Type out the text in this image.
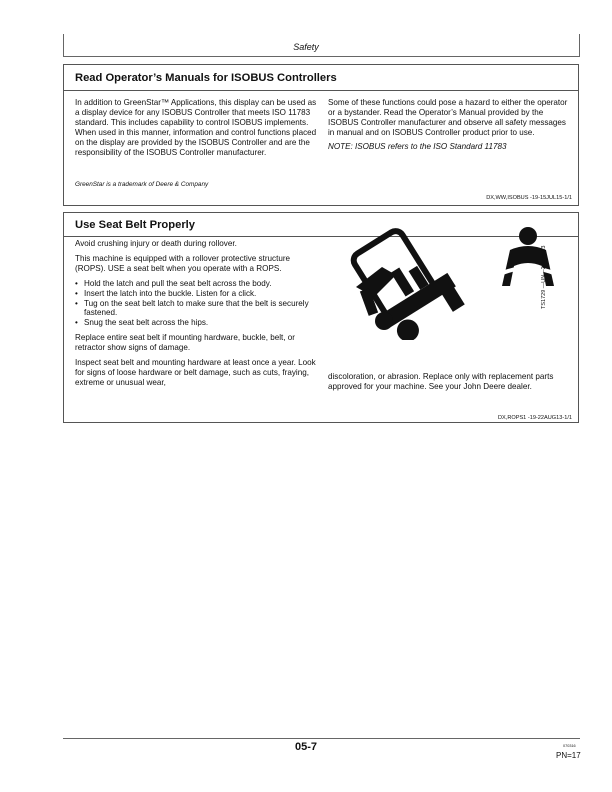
Safety
Read Operator’s Manuals for ISOBUS Controllers

In addition to GreenStar™ Applications, this display can be used as a display device for any ISOBUS Controller that meets ISO 11783 standard. This includes capability to control ISOBUS implements. When used in this manner, information and control functions placed on the display are provided by the ISOBUS Controller and are the responsibility of the ISOBUS Controller manufacturer.

Some of these functions could pose a hazard to either the operator or a bystander. Read the Operator’s Manual provided by the ISOBUS Controller manufacturer and observe all safety messages in manual and on ISOBUS Controller product prior to use.

NOTE: ISOBUS refers to the ISO Standard 11783

GreenStar is a trademark of Deere & Company
DX,WW,ISOBUS -19-15JUL15-1/1
Use Seat Belt Properly

Avoid crushing injury or death during rollover.

This machine is equipped with a rollover protective structure (ROPS). USE a seat belt when you operate with a ROPS.

• Hold the latch and pull the seat belt across the body.
• Insert the latch into the buckle. Listen for a click.
• Tug on the seat belt latch to make sure that the belt is securely fastened.
• Snug the seat belt across the hips.

Replace entire seat belt if mounting hardware, buckle, belt, or retractor show signs of damage.

Inspect seat belt and mounting hardware at least once a year. Look for signs of loose hardware or belt damage, such as cuts, fraying, extreme or unusual wear,

TS1729 —UN—24MAY13

discoloration, or abrasion. Replace only with replacement parts approved for your machine. See your John Deere dealer.

DX,ROPS1 -19-22AUG13-1/1
05-7	070316
PN=17
